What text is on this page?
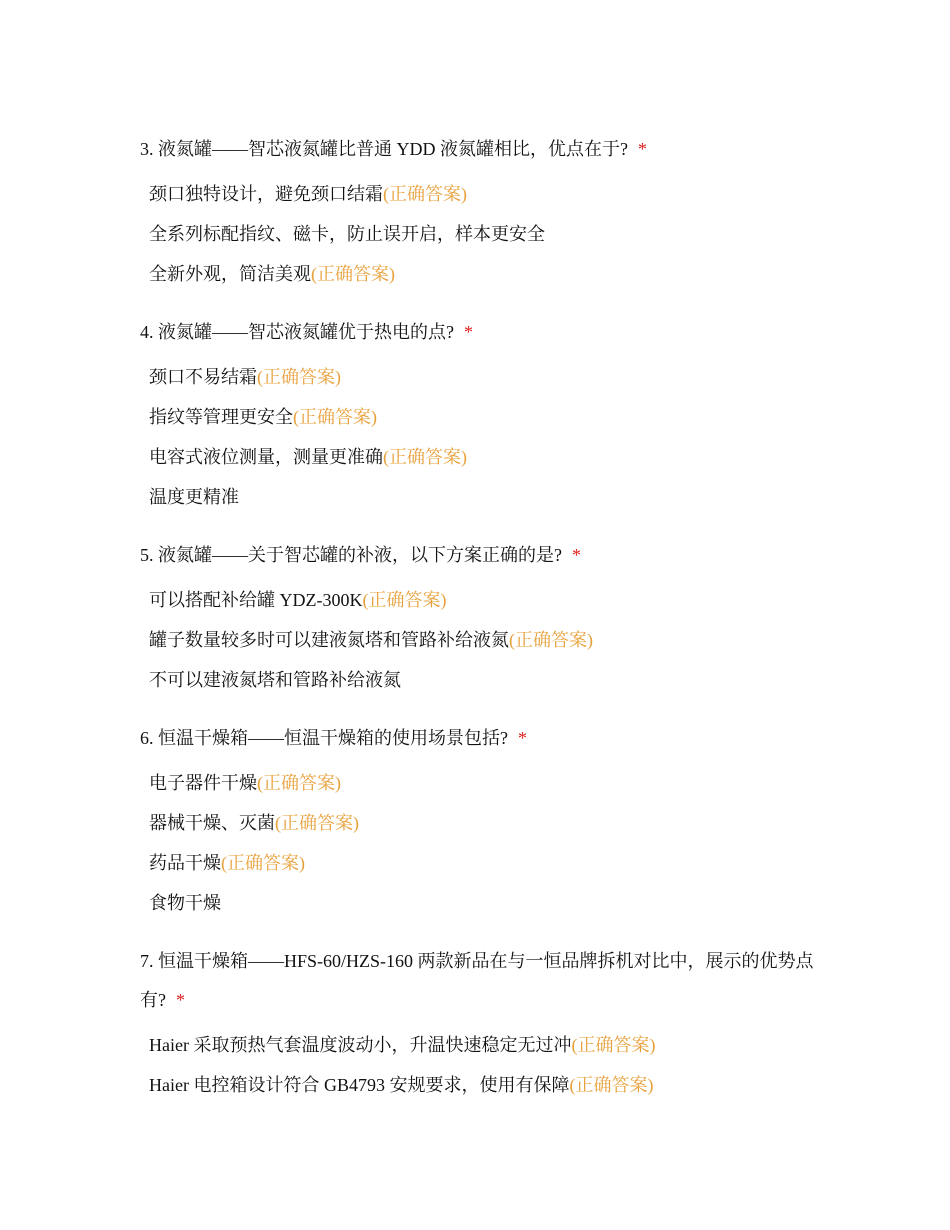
3. 液氮罐——智芯液氮罐比普通 YDD 液氮罐相比，优点在于? *
颈口独特设计，避免颈口结霜(正确答案)
全系列标配指纹、磁卡，防止误开启，样本更安全
全新外观，简洁美观(正确答案)
4. 液氮罐——智芯液氮罐优于热电的点? *
颈口不易结霜(正确答案)
指纹等管理更安全(正确答案)
电容式液位测量，测量更准确(正确答案)
温度更精准
5. 液氮罐——关于智芯罐的补液，以下方案正确的是? *
可以搭配补给罐 YDZ-300K(正确答案)
罐子数量较多时可以建液氮塔和管路补给液氮(正确答案)
不可以建液氮塔和管路补给液氮
6. 恒温干燥箱——恒温干燥箱的使用场景包括? *
电子器件干燥(正确答案)
器械干燥、灭菌(正确答案)
药品干燥(正确答案)
食物干燥
7. 恒温干燥箱——HFS-60/HZS-160 两款新品在与一恒品牌拆机对比中，展示的优势点有? *
Haier 采取预热气套温度波动小，升温快速稳定无过冲(正确答案)
Haier 电控箱设计符合 GB4793 安规要求，使用有保障(正确答案)
